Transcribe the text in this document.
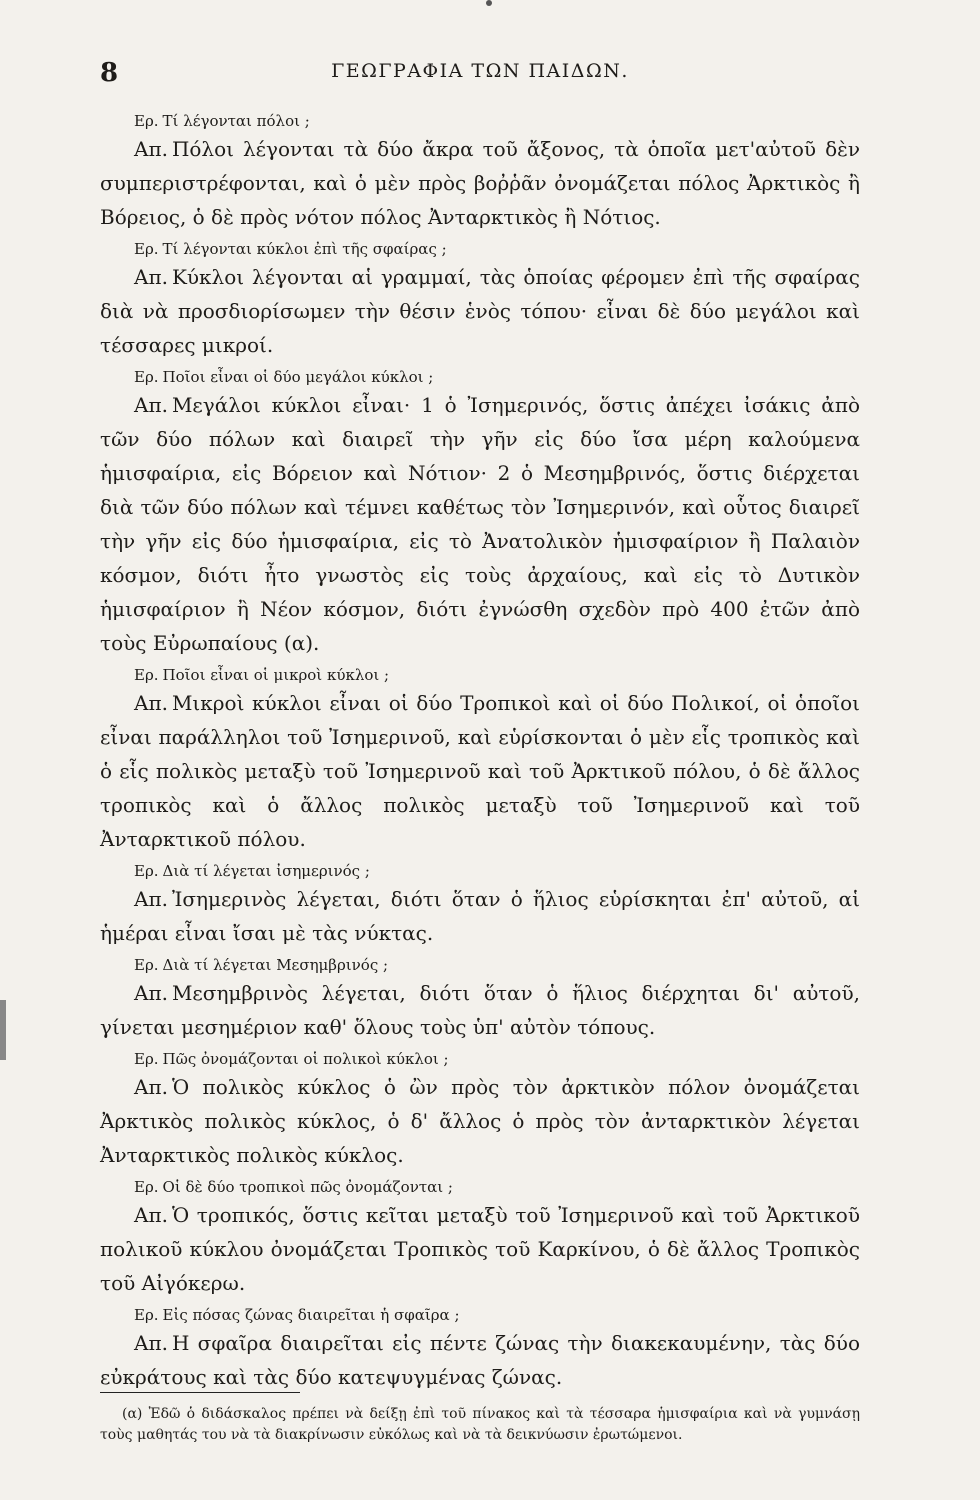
8	ΓΕΩΓΡΑΦΙΑ ΤΩΝ ΠΑΙΔΩΝ.

Ερ. Τί λέγονται πόλοι ;

Απ. Πόλοι λέγονται τὰ δύο ἄκρα τοῦ ἄξονος, τὰ ὁποῖα μετ'αὐτοῦ δὲν συμπεριστρέφονται, καὶ ὁ μὲν πρὸς βοῤῥᾶν ὀνομάζεται πόλος Ἀρκτικὸς ἢ Βόρειος, ὁ δὲ πρὸς νότον πόλος Ἀνταρκτικὸς ἢ Νότιος.

Ερ. Τί λέγονται κύκλοι ἐπὶ τῆς σφαίρας ;

Απ. Κύκλοι λέγονται αἱ γραμμαί, τὰς ὁποίας φέρομεν ἐπὶ τῆς σφαίρας διὰ νὰ προσδιορίσωμεν τὴν θέσιν ἑνὸς τόπου· εἶναι δὲ δύο μεγάλοι καὶ τέσσαρες μικροί.

Ερ. Ποῖοι εἶναι οἱ δύο μεγάλοι κύκλοι ;

Απ. Μεγάλοι κύκλοι εἶναι· 1 ὁ Ἰσημερινός, ὅστις ἀπέχει ἰσάκις ἀπὸ τῶν δύο πόλων καὶ διαιρεῖ τὴν γῆν εἰς δύο ἴσα μέρη καλούμενα ἡμισφαίρια, εἰς Βόρειον καὶ Νότιον· 2 ὁ Μεσημβρινός, ὅστις διέρχεται διὰ τῶν δύο πόλων καὶ τέμνει καθέτως τὸν Ἰσημερινόν, καὶ οὗτος διαιρεῖ τὴν γῆν εἰς δύο ἡμισφαίρια, εἰς τὸ Ἀνατολικὸν ἡμισφαίριον ἢ Παλαιὸν κόσμον, διότι ἦτο γνωστὸς εἰς τοὺς ἀρχαίους, καὶ εἰς τὸ Δυτικὸν ἡμισφαίριον ἢ Νέον κόσμον, διότι ἐγνώσθη σχεδὸν πρὸ 400 ἐτῶν ἀπὸ τοὺς Εὐρωπαίους (α).

Ερ. Ποῖοι εἶναι οἱ μικροὶ κύκλοι ;

Απ. Μικροὶ κύκλοι εἶναι οἱ δύο Τροπικοὶ καὶ οἱ δύο Πολικοί, οἱ ὁποῖοι εἶναι παράλληλοι τοῦ Ἰσημερινοῦ, καὶ εὑρίσκονται ὁ μὲν εἷς τροπικὸς καὶ ὁ εἷς πολικὸς μεταξὺ τοῦ Ἰσημερινοῦ καὶ τοῦ Ἀρκτικοῦ πόλου, ὁ δὲ ἄλλος τροπικὸς καὶ ὁ ἄλλος πολικὸς μεταξὺ τοῦ Ἰσημερινοῦ καὶ τοῦ Ἀνταρκτικοῦ πόλου.

Ερ. Διὰ τί λέγεται ἰσημερινός ;

Απ. Ἰσημερινὸς λέγεται, διότι ὅταν ὁ ἥλιος εὑρίσκηται ἐπ' αὐτοῦ, αἱ ἡμέραι εἶναι ἴσαι μὲ τὰς νύκτας.

Ερ. Διὰ τί λέγεται Μεσημβρινός ;

Απ. Μεσημβρινὸς λέγεται, διότι ὅταν ὁ ἥλιος διέρχηται δι' αὐτοῦ, γίνεται μεσημέριον καθ' ὅλους τοὺς ὑπ' αὐτὸν τόπους.

Ερ. Πῶς ὀνομάζονται οἱ πολικοὶ κύκλοι ;

Απ. Ὁ πολικὸς κύκλος ὁ ὢν πρὸς τὸν ἀρκτικὸν πόλον ὀνομάζεται Ἀρκτικὸς πολικὸς κύκλος, ὁ δ' ἄλλος ὁ πρὸς τὸν ἀνταρκτικὸν λέγεται Ἀνταρκτικὸς πολικὸς κύκλος.

Ερ. Οἱ δὲ δύο τροπικοὶ πῶς ὀνομάζονται ;

Απ. Ὁ τροπικός, ὅστις κεῖται μεταξὺ τοῦ Ἰσημερινοῦ καὶ τοῦ Ἀρκτικοῦ πολικοῦ κύκλου ὀνομάζεται Τροπικὸς τοῦ Καρκίνου, ὁ δὲ ἄλλος Τροπικὸς τοῦ Αἰγόκερω.

Ερ. Εἰς πόσας ζώνας διαιρεῖται ἡ σφαῖρα ;

Απ. Η σφαῖρα διαιρεῖται εἰς πέντε ζώνας τὴν διακεκαυμένην, τὰς δύο εὐκράτους καὶ τὰς δύο κατεψυγμένας ζώνας.

(α) Ἐδῶ ὁ διδάσκαλος πρέπει νὰ δείξῃ ἐπὶ τοῦ πίνακος καὶ τὰ τέσσαρα ἡμισφαίρια καὶ νὰ γυμνάσῃ τοὺς μαθητάς του νὰ τὰ διακρίνωσιν εὐκόλως καὶ νὰ τὰ δεικνύωσιν ἐρωτώμενοι.
